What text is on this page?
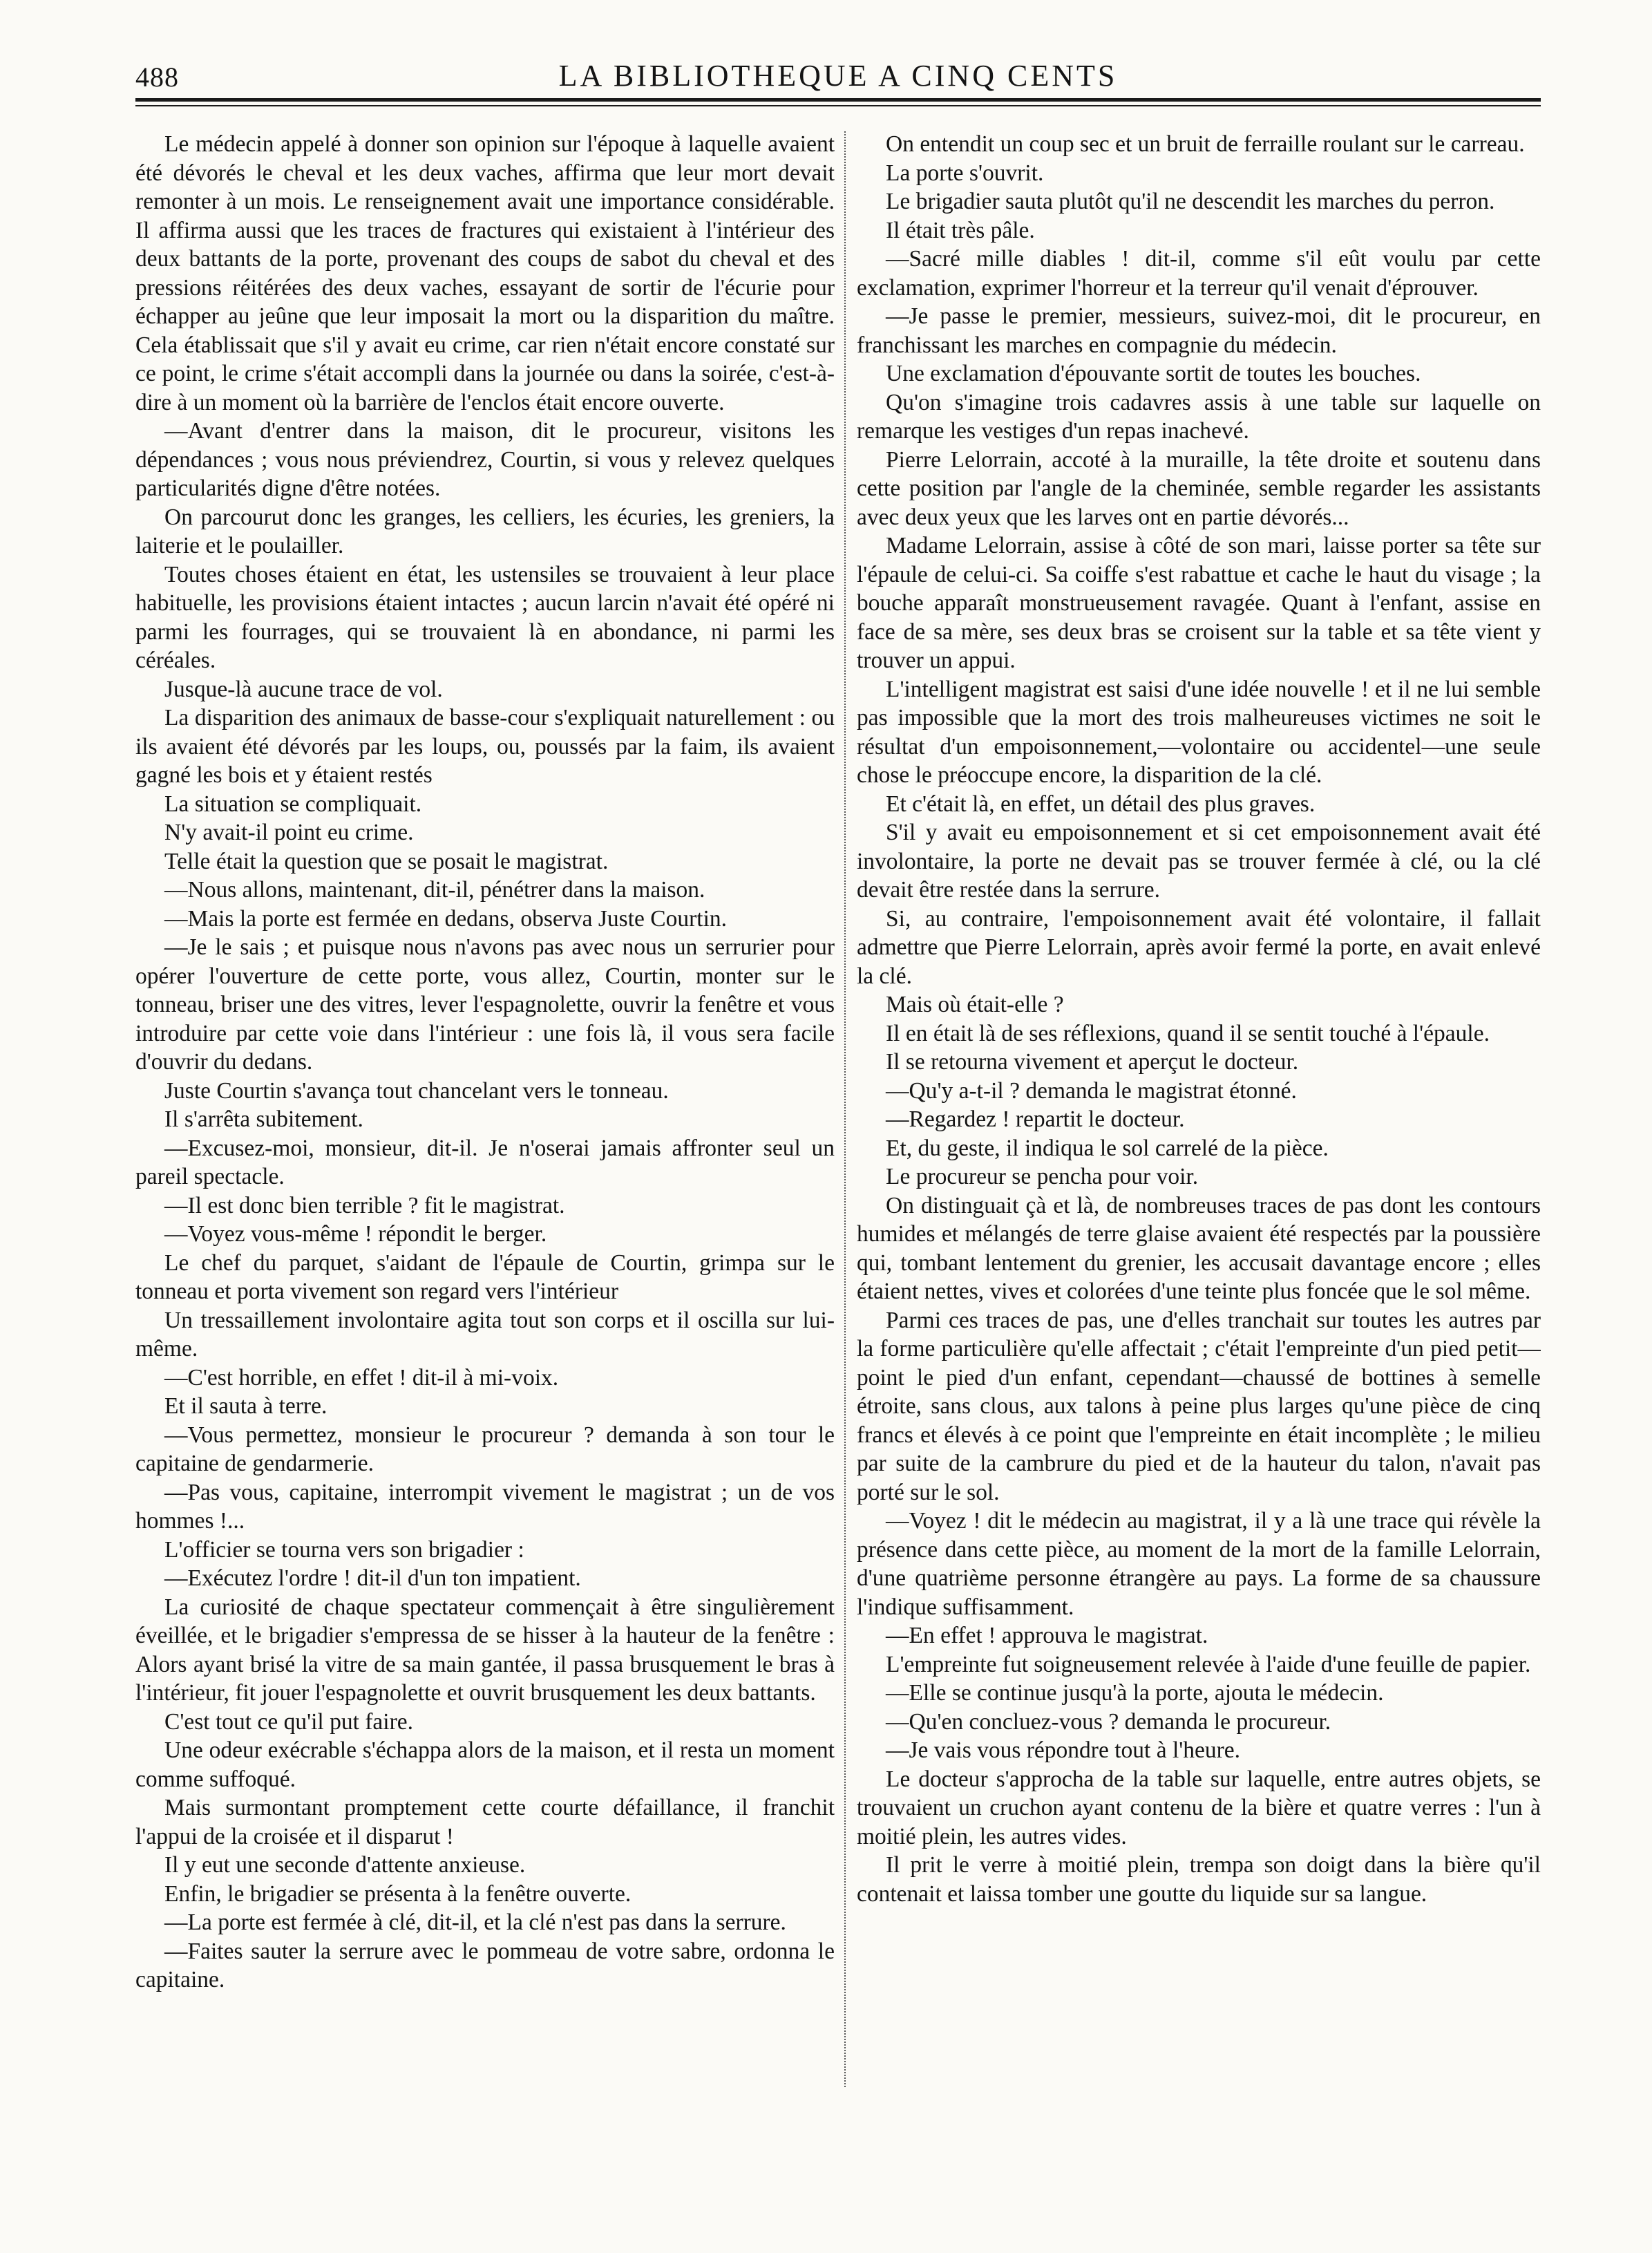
488	LA BIBLIOTHEQUE A CINQ CENTS

Le médecin appelé à donner son opinion sur l'époque à laquelle avaient été dévorés le cheval et les deux vaches, affirma que leur mort devait remonter à un mois. Le renseignement avait une importance considérable. Il affirma aussi que les traces de fractures qui existaient à l'intérieur des deux battants de la porte, provenant des coups de sabot du cheval et des pressions réitérées des deux vaches, essayant de sortir de l'écurie pour échapper au jeûne que leur imposait la mort ou la disparition du maître. Cela établissait que s'il y avait eu crime, car rien n'était encore constaté sur ce point, le crime s'était accompli dans la journée ou dans la soirée, c'est-à-dire à un moment où la barrière de l'enclos était encore ouverte.

—Avant d'entrer dans la maison, dit le procureur, visitons les dépendances ; vous nous préviendrez, Courtin, si vous y relevez quelques particularités digne d'être notées.

On parcourut donc les granges, les celliers, les écuries, les greniers, la laiterie et le poulailler.

Toutes choses étaient en état, les ustensiles se trouvaient à leur place habituelle, les provisions étaient intactes ; aucun larcin n'avait été opéré ni parmi les fourrages, qui se trouvaient là en abondance, ni parmi les céréales.

Jusque-là aucune trace de vol.

La disparition des animaux de basse-cour s'expliquait naturellement : ou ils avaient été dévorés par les loups, ou, poussés par la faim, ils avaient gagné les bois et y étaient restés

La situation se compliquait.

N'y avait-il point eu crime.

Telle était la question que se posait le magistrat.

—Nous allons, maintenant, dit-il, pénétrer dans la maison.

—Mais la porte est fermée en dedans, observa Juste Courtin.

—Je le sais ; et puisque nous n'avons pas avec nous un serrurier pour opérer l'ouverture de cette porte, vous allez, Courtin, monter sur le tonneau, briser une des vitres, lever l'espagnolette, ouvrir la fenêtre et vous introduire par cette voie dans l'intérieur : une fois là, il vous sera facile d'ouvrir du dedans.

Juste Courtin s'avança tout chancelant vers le tonneau.

Il s'arrêta subitement.

—Excusez-moi, monsieur, dit-il. Je n'oserai jamais affronter seul un pareil spectacle.

—Il est donc bien terrible ? fit le magistrat.

—Voyez vous-même ! répondit le berger.

Le chef du parquet, s'aidant de l'épaule de Courtin, grimpa sur le tonneau et porta vivement son regard vers l'intérieur

Un tressaillement involontaire agita tout son corps et il oscilla sur lui-même.

—C'est horrible, en effet ! dit-il à mi-voix.

Et il sauta à terre.

—Vous permettez, monsieur le procureur ? demanda à son tour le capitaine de gendarmerie.

—Pas vous, capitaine, interrompit vivement le magistrat ; un de vos hommes !...

L'officier se tourna vers son brigadier :

—Exécutez l'ordre ! dit-il d'un ton impatient.

La curiosité de chaque spectateur commençait à être singulièrement éveillée, et le brigadier s'empressa de se hisser à la hauteur de la fenêtre : Alors ayant brisé la vitre de sa main gantée, il passa brusquement le bras à l'intérieur, fit jouer l'espagnolette et ouvrit brusquement les deux battants.

C'est tout ce qu'il put faire.

Une odeur exécrable s'échappa alors de la maison, et il resta un moment comme suffoqué.

Mais surmontant promptement cette courte défaillance, il franchit l'appui de la croisée et il disparut !

Il y eut une seconde d'attente anxieuse.

Enfin, le brigadier se présenta à la fenêtre ouverte.

—La porte est fermée à clé, dit-il, et la clé n'est pas dans la serrure.

—Faites sauter la serrure avec le pommeau de votre sabre, ordonna le capitaine.

On entendit un coup sec et un bruit de ferraille roulant sur le carreau.

La porte s'ouvrit.

Le brigadier sauta plutôt qu'il ne descendit les marches du perron.

Il était très pâle.

—Sacré mille diables ! dit-il, comme s'il eût voulu par cette exclamation, exprimer l'horreur et la terreur qu'il venait d'éprouver.

—Je passe le premier, messieurs, suivez-moi, dit le procureur, en franchissant les marches en compagnie du médecin.

Une exclamation d'épouvante sortit de toutes les bouches.

Qu'on s'imagine trois cadavres assis à une table sur laquelle on remarque les vestiges d'un repas inachevé.

Pierre Lelorrain, accoté à la muraille, la tête droite et soutenu dans cette position par l'angle de la cheminée, semble regarder les assistants avec deux yeux que les larves ont en partie dévorés...

Madame Lelorrain, assise à côté de son mari, laisse porter sa tête sur l'épaule de celui-ci. Sa coiffe s'est rabattue et cache le haut du visage ; la bouche apparaît monstrueusement ravagée. Quant à l'enfant, assise en face de sa mère, ses deux bras se croisent sur la table et sa tête vient y trouver un appui.

L'intelligent magistrat est saisi d'une idée nouvelle ! et il ne lui semble pas impossible que la mort des trois malheureuses victimes ne soit le résultat d'un empoisonnement,—volontaire ou accidentel—une seule chose le préoccupe encore, la disparition de la clé.

Et c'était là, en effet, un détail des plus graves.

S'il y avait eu empoisonnement et si cet empoisonnement avait été involontaire, la porte ne devait pas se trouver fermée à clé, ou la clé devait être restée dans la serrure.

Si, au contraire, l'empoisonnement avait été volontaire, il fallait admettre que Pierre Lelorrain, après avoir fermé la porte, en avait enlevé la clé.

Mais où était-elle ?

Il en était là de ses réflexions, quand il se sentit touché à l'épaule.

Il se retourna vivement et aperçut le docteur.

—Qu'y a-t-il ? demanda le magistrat étonné.

—Regardez ! repartit le docteur.

Et, du geste, il indiqua le sol carrelé de la pièce.

Le procureur se pencha pour voir.

On distinguait çà et là, de nombreuses traces de pas dont les contours humides et mélangés de terre glaise avaient été respectés par la poussière qui, tombant lentement du grenier, les accusait davantage encore ; elles étaient nettes, vives et colorées d'une teinte plus foncée que le sol même.

Parmi ces traces de pas, une d'elles tranchait sur toutes les autres par la forme particulière qu'elle affectait ; c'était l'empreinte d'un pied petit—point le pied d'un enfant, cependant—chaussé de bottines à semelle étroite, sans clous, aux talons à peine plus larges qu'une pièce de cinq francs et élevés à ce point que l'empreinte en était incomplète ; le milieu par suite de la cambrure du pied et de la hauteur du talon, n'avait pas porté sur le sol.

—Voyez ! dit le médecin au magistrat, il y a là une trace qui révèle la présence dans cette pièce, au moment de la mort de la famille Lelorrain, d'une quatrième personne étrangère au pays. La forme de sa chaussure l'indique suffisamment.

—En effet ! approuva le magistrat.

L'empreinte fut soigneusement relevée à l'aide d'une feuille de papier.

—Elle se continue jusqu'à la porte, ajouta le médecin.

—Qu'en concluez-vous ? demanda le procureur.

—Je vais vous répondre tout à l'heure.

Le docteur s'approcha de la table sur laquelle, entre autres objets, se trouvaient un cruchon ayant contenu de la bière et quatre verres : l'un à moitié plein, les autres vides.

Il prit le verre à moitié plein, trempa son doigt dans la bière qu'il contenait et laissa tomber une goutte du liquide sur sa langue.
